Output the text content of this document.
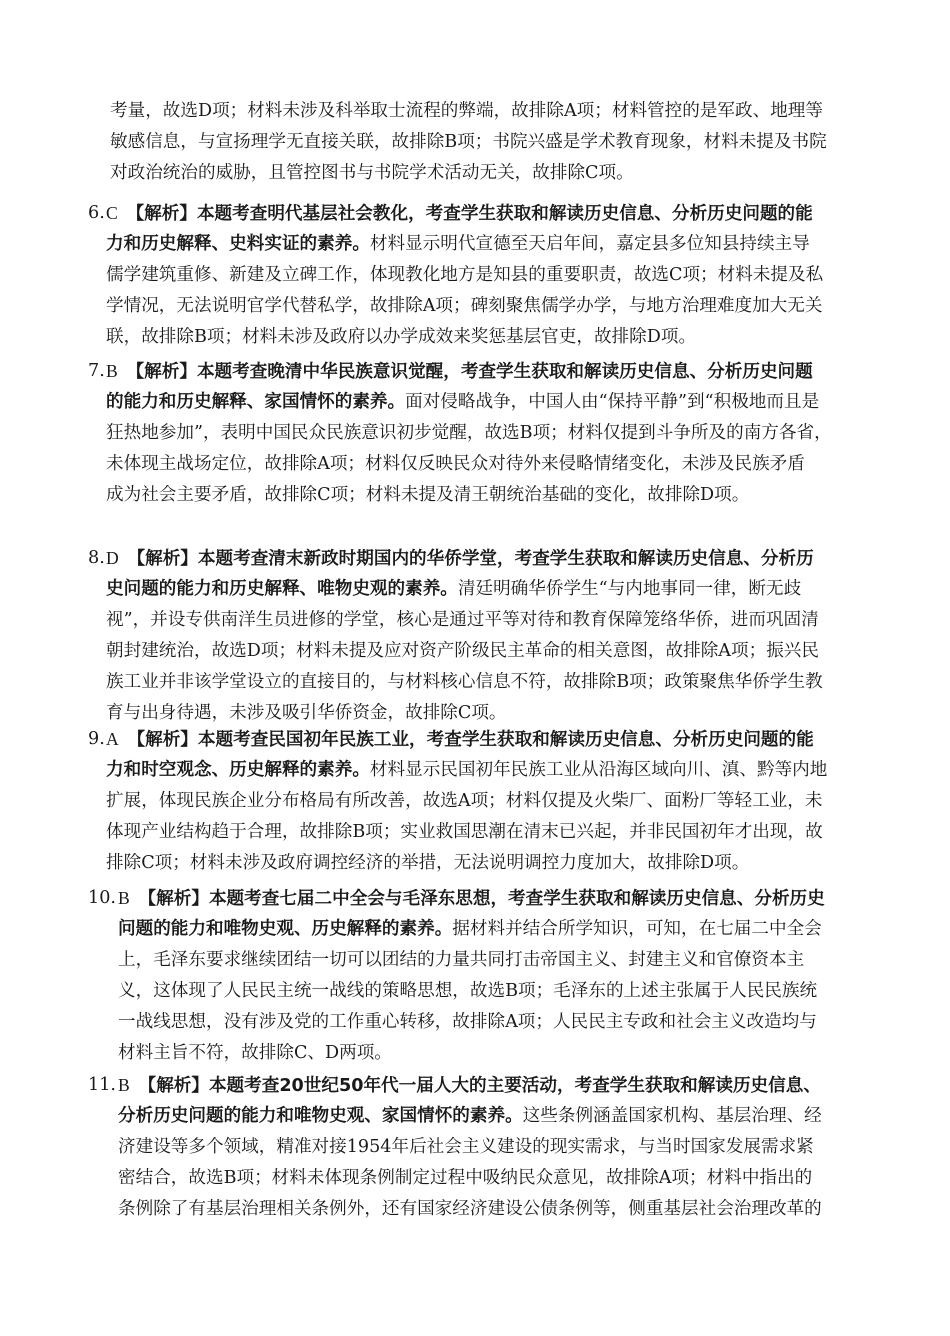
考量，故选D项；材料未涉及科举取士流程的弊端，故排除A项；材料管控的是军政、地理等
敏感信息，与宣扬理学无直接关联，故排除B项；书院兴盛是学术教育现象，材料未提及书院
对政治统治的威胁，且管控图书与书院学术活动无关，故排除C项。
6. C  【解析】本题考查明代基层社会教化，考查学生获取和解读历史信息、分析历史问题的能
力和历史解释、史料实证的素养。材料显示明代宣德至天启年间，嘉定县多位知县持续主导
儒学建筑重修、新建及立碑工作，体现教化地方是知县的重要职责，故选C项；材料未提及私
学情况，无法说明官学代替私学，故排除A项；碑刻聚焦儒学办学，与地方治理难度加大无关
联，故排除B项；材料未涉及政府以办学成效来奖惩基层官吏，故排除D项。
7. B  【解析】本题考查晚清中华民族意识觉醒，考查学生获取和解读历史信息、分析历史问题
的能力和历史解释、家国情怀的素养。面对侵略战争，中国人由“保持平静”到“积极地而且是
狂热地参加”，表明中国民众民族意识初步觉醒，故选B项；材料仅提到斗争所及的南方各省，
未体现主战场定位，故排除A项；材料仅反映民众对待外来侵略情绪变化，未涉及民族矛盾
成为社会主要矛盾，故排除C项；材料未提及清王朝统治基础的变化，故排除D项。
8. D  【解析】本题考查清末新政时期国内的华侨学堂，考查学生获取和解读历史信息、分析历
史问题的能力和历史解释、唯物史观的素养。清廷明确华侨学生“与内地事同一律，断无歧
视”，并设专供南洋生员进修的学堂，核心是通过平等对待和教育保障笼络华侨，进而巩固清
朝封建统治，故选D项；材料未提及应对资产阶级民主革命的相关意图，故排除A项；振兴民
族工业并非该学堂设立的直接目的，与材料核心信息不符，故排除B项；政策聚焦华侨学生教
育与出身待遇，未涉及吸引华侨资金，故排除C项。
9. A  【解析】本题考查民国初年民族工业，考查学生获取和解读历史信息、分析历史问题的能
力和时空观念、历史解释的素养。材料显示民国初年民族工业从沿海区域向川、滇、黔等内地
扩展，体现民族企业分布格局有所改善，故选A项；材料仅提及火柴厂、面粉厂等轻工业，未
体现产业结构趋于合理，故排除B项；实业救国思潮在清末已兴起，并非民国初年才出现，故
排除C项；材料未涉及政府调控经济的举措，无法说明调控力度加大，故排除D项。
10. B  【解析】本题考查七届二中全会与毛泽东思想，考查学生获取和解读历史信息、分析历史
问题的能力和唯物史观、历史解释的素养。据材料并结合所学知识，可知，在七届二中全会
上，毛泽东要求继续团结一切可以团结的力量共同打击帝国主义、封建主义和官僚资本主
义，这体现了人民民主统一战线的策略思想，故选B项；毛泽东的上述主张属于人民民族统
一战线思想，没有涉及党的工作重心转移，故排除A项；人民民主专政和社会主义改造均与
材料主旨不符，故排除C、D两项。
11. B  【解析】本题考查20世纪50年代一届人大的主要活动，考查学生获取和解读历史信息、
分析历史问题的能力和唯物史观、家国情怀的素养。这些条例涵盖国家机构、基层治理、经
济建设等多个领域，精准对接1954年后社会主义建设的现实需求，与当时国家发展需求紧
密结合，故选B项；材料未体现条例制定过程中吸纳民众意见，故排除A项；材料中指出的
条例除了有基层治理相关条例外，还有国家经济建设公债条例等，侧重基层社会治理改革的
